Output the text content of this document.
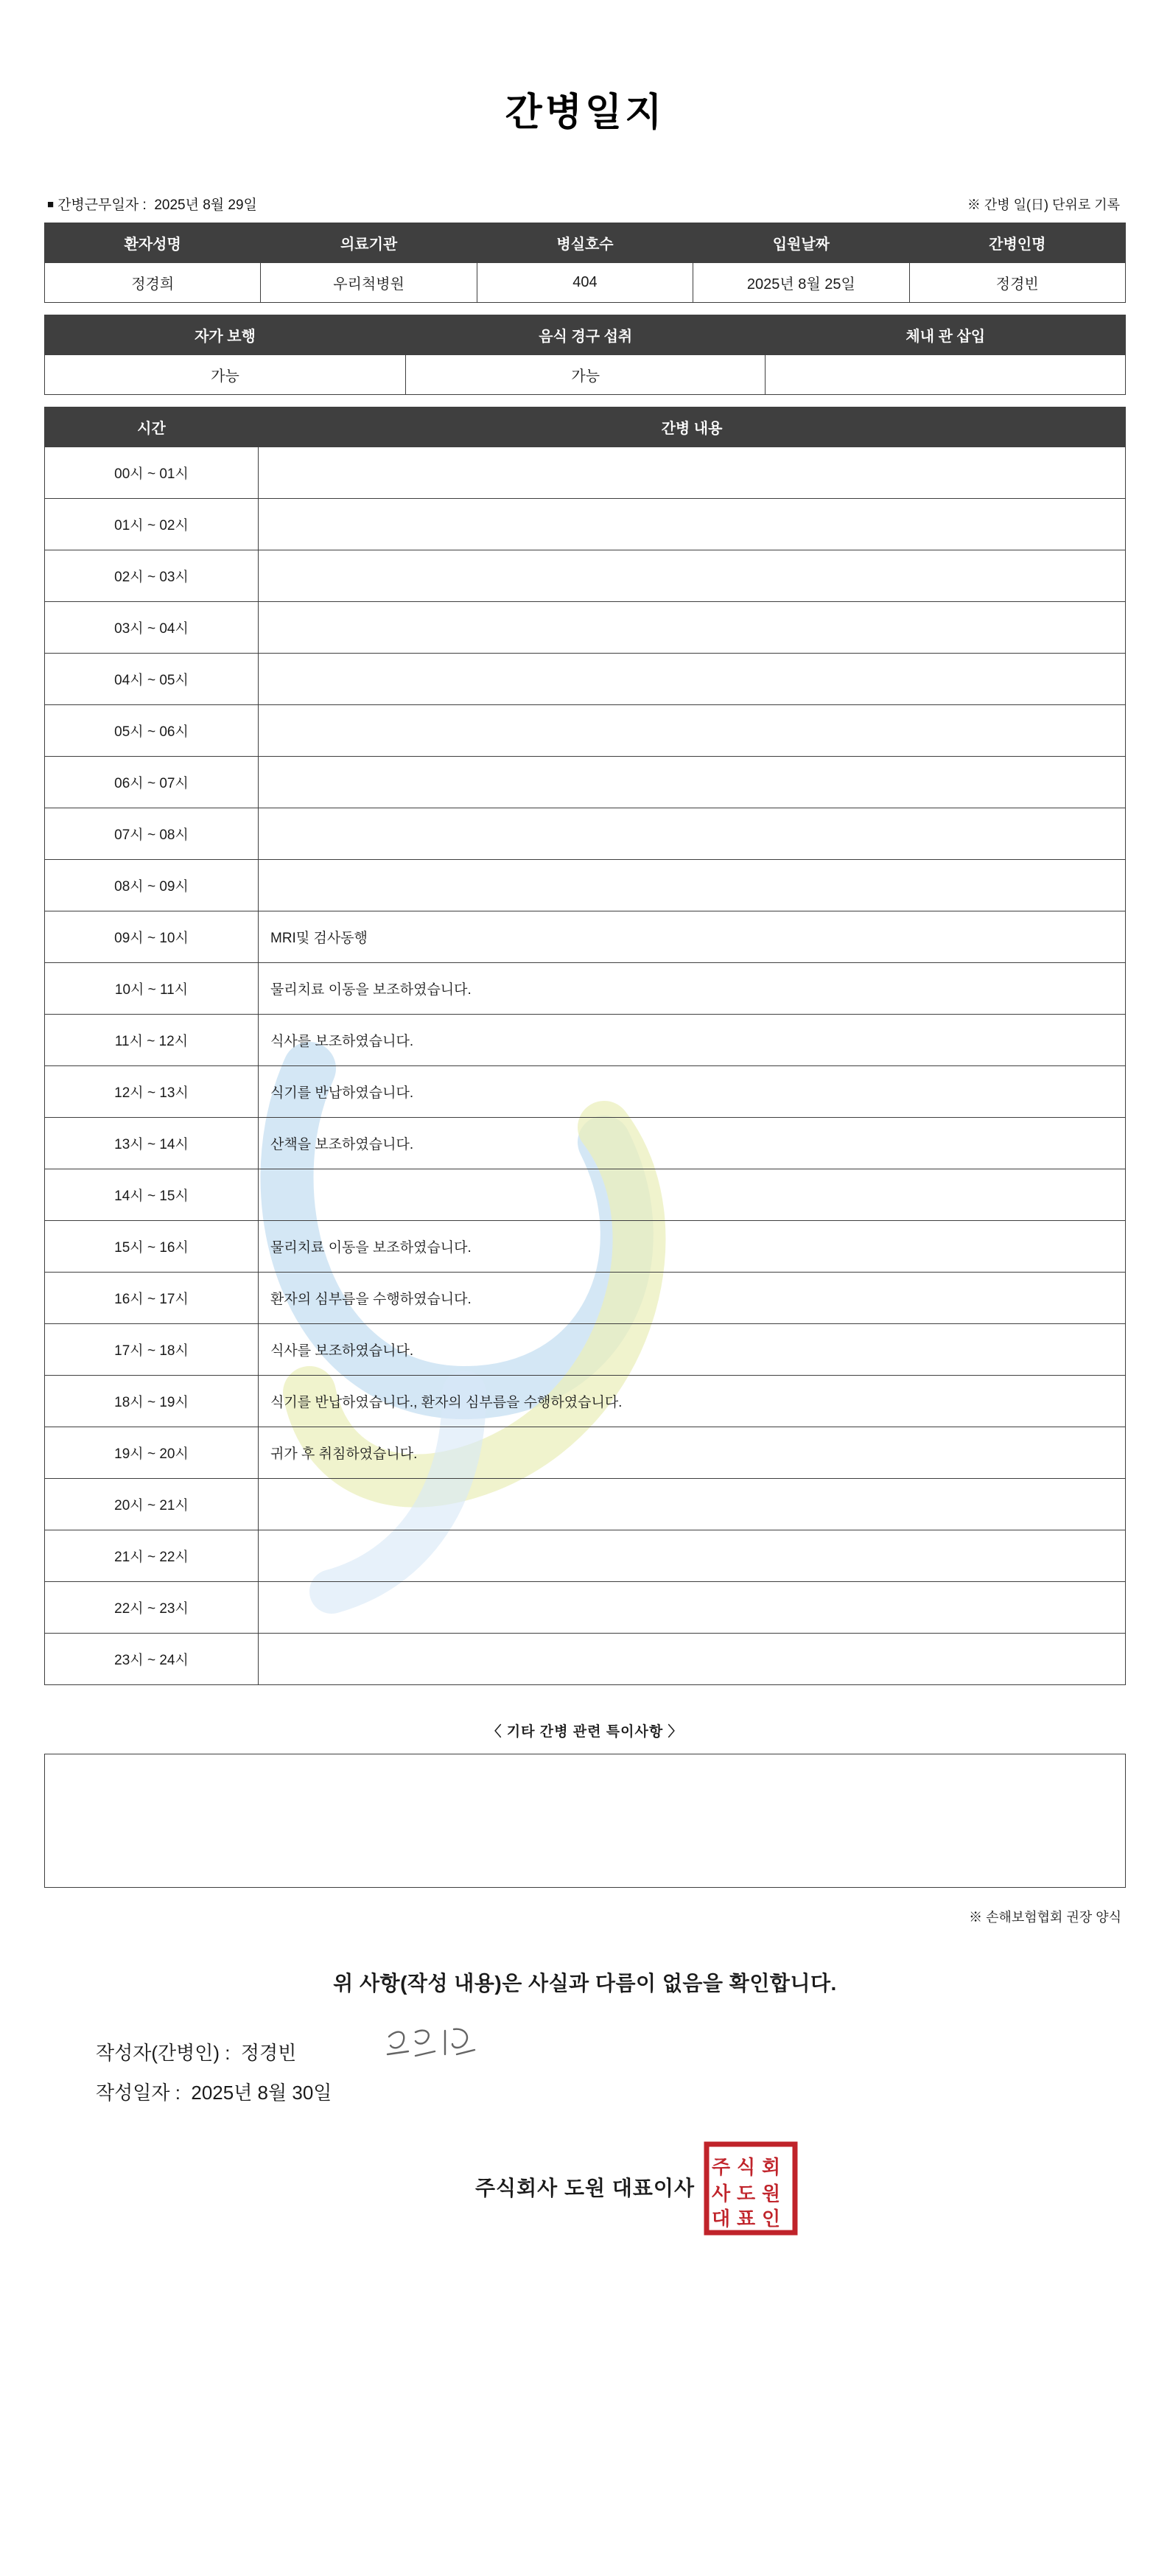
간병일지
■ 간병근무일자 : 2025년 8월 29일	※ 간병 일(日) 단위로 기록
환자성명	의료기관	병실호수	입원날짜	간병인명
정경희	우리척병원	404	2025년 8월 25일	정경빈
자가 보행	음식 경구 섭취	체내 관 삽입
가능	가능	
시간	간병 내용
00시 ~ 01시	
01시 ~ 02시	
02시 ~ 03시	
03시 ~ 04시	
04시 ~ 05시	
05시 ~ 06시	
06시 ~ 07시	
07시 ~ 08시	
08시 ~ 09시	
09시 ~ 10시	MRI및 검사동행
10시 ~ 11시	물리치료 이동을 보조하였습니다.
11시 ~ 12시	식사를 보조하였습니다.
12시 ~ 13시	식기를 반납하였습니다.
13시 ~ 14시	산책을 보조하였습니다.
14시 ~ 15시	
15시 ~ 16시	물리치료 이동을 보조하였습니다.
16시 ~ 17시	환자의 심부름을 수행하였습니다.
17시 ~ 18시	식사를 보조하였습니다.
18시 ~ 19시	식기를 반납하였습니다., 환자의 심부름을 수행하였습니다.
19시 ~ 20시	귀가 후 취침하였습니다.
20시 ~ 21시	
21시 ~ 22시	
22시 ~ 23시	
23시 ~ 24시	
〈 기타 간병 관련 특이사항 〉
※ 손해보험협회 권장 양식
위 사항(작성 내용)은 사실과 다름이 없음을 확인합니다.
작성자(간병인) : 정경빈
작성일자 : 2025년 8월 30일
주식회사 도원 대표이사
주 식 회
사 도 원
대 표 인
